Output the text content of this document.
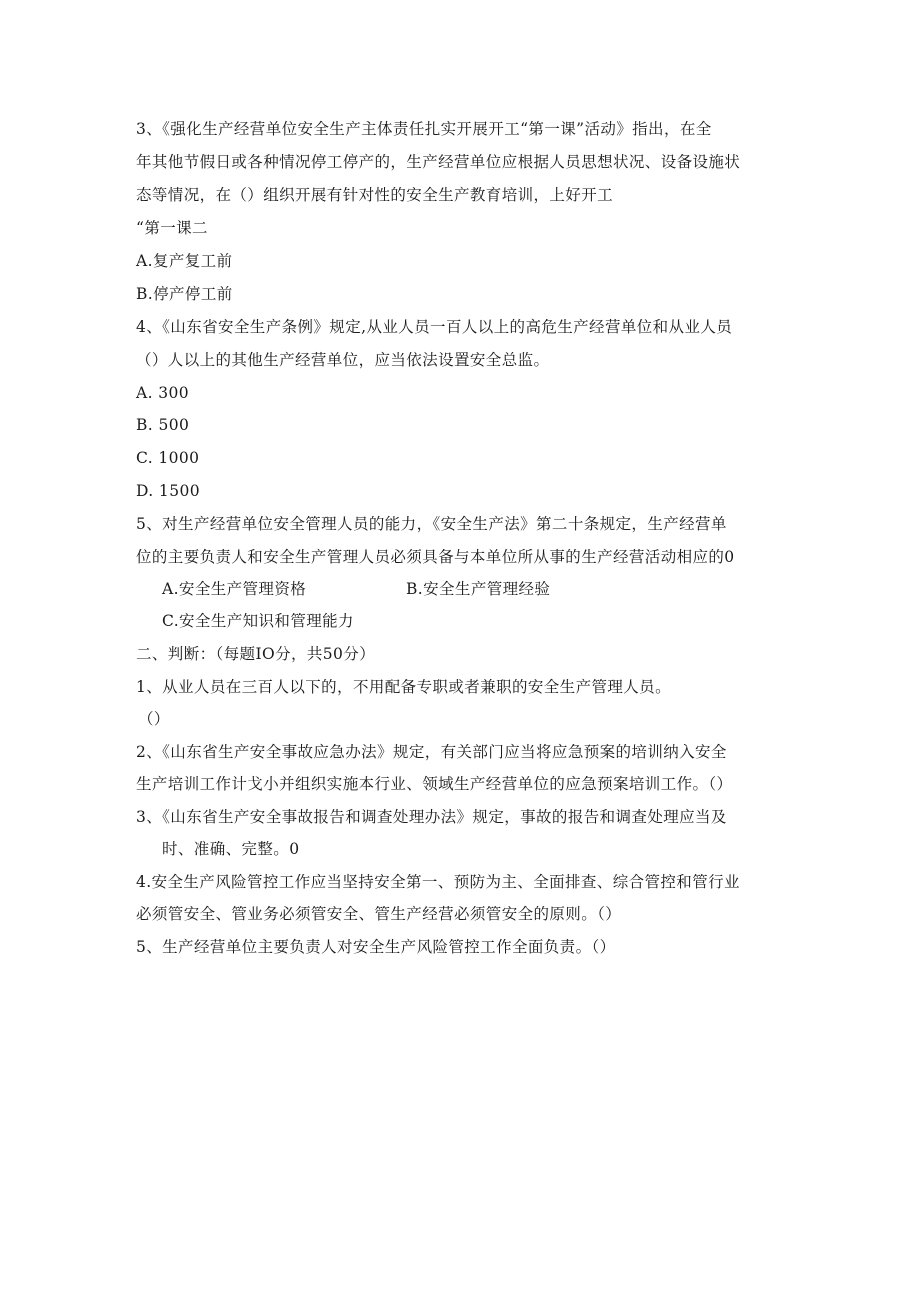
3、《强化生产经营单位安全生产主体责任扎实开展开工“第一课”活动》指出，在全
年其他节假日或各种情况停工停产的，生产经营单位应根据人员思想状况、设备设施状
态等情况，在（）组织开展有针对性的安全生产教育培训，上好开工
“第一课二
A.复产复工前
B.停产停工前
4、《山东省安全生产条例》规定,从业人员一百人以上的高危生产经营单位和从业人员
（）人以上的其他生产经营单位，应当依法设置安全总监。
A. 300
B. 500
C. 1000
D. 1500
5、对生产经营单位安全管理人员的能力，《安全生产法》第二十条规定，生产经营单
位的主要负责人和安全生产管理人员必须具备与本单位所从事的生产经营活动相应的0
A.安全生产管理资格	B.安全生产管理经验
C.安全生产知识和管理能力
二、判断：（每题IO分，共50分）
1、从业人员在三百人以下的，不用配备专职或者兼职的安全生产管理人员。
（）
2、《山东省生产安全事故应急办法》规定，有关部门应当将应急预案的培训纳入安全
生产培训工作计戈小并组织实施本行业、领域生产经营单位的应急预案培训工作。（）
3、《山东省生产安全事故报告和调查处理办法》规定，事故的报告和调查处理应当及
时、准确、完整。0
4.安全生产风险管控工作应当坚持安全第一、预防为主、全面排查、综合管控和管行业
必须管安全、管业务必须管安全、管生产经营必须管安全的原则。（）
5、生产经营单位主要负责人对安全生产风险管控工作全面负责。（）
